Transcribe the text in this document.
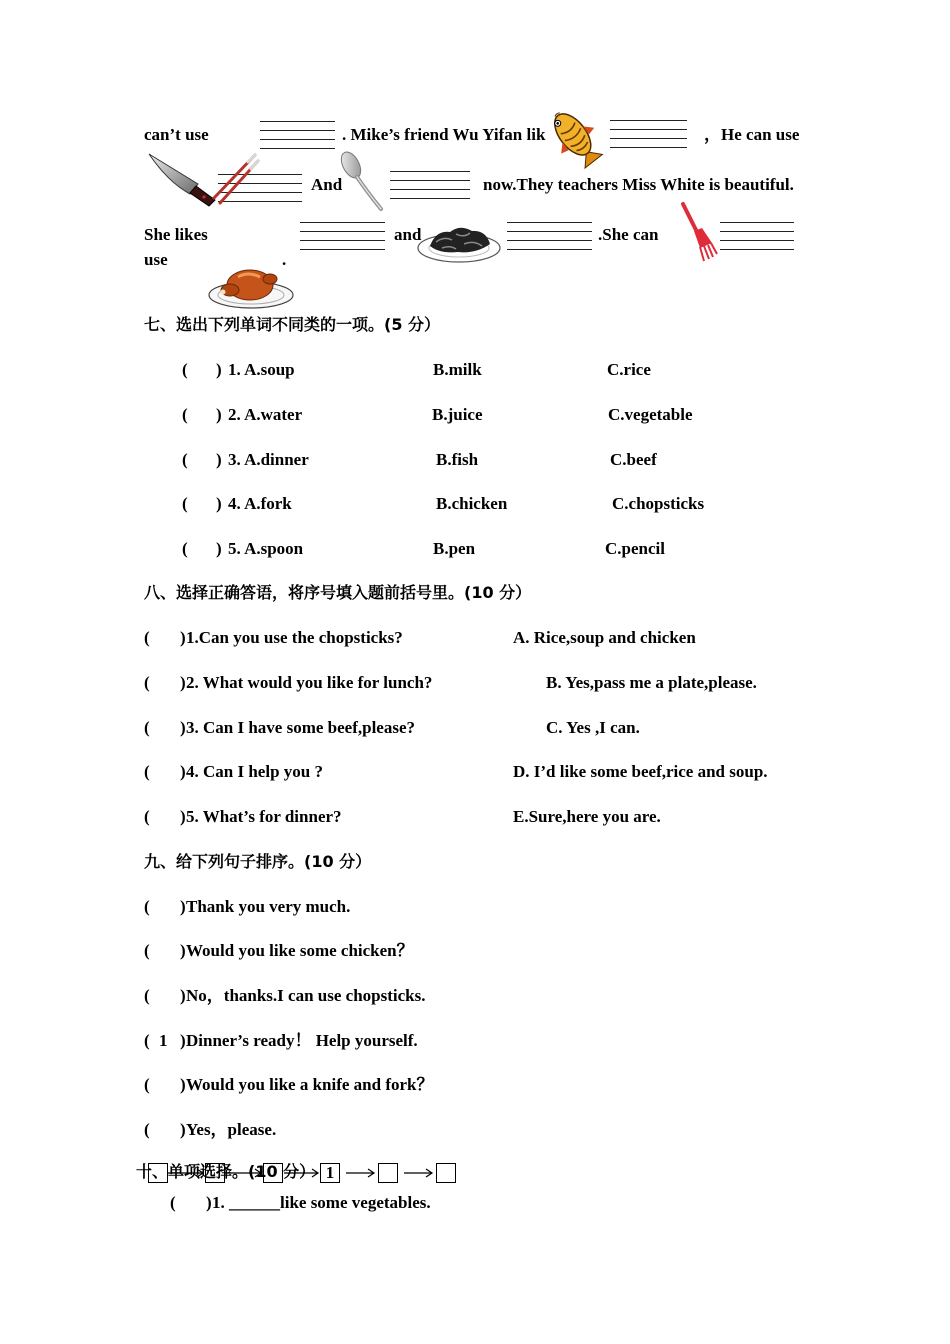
can’t use	. Mike’s friend Wu Yifan lik	，He can use
And	now.They teachers Miss White is beautiful.
She likes	and	.She can
use	.
七、选出下列单词不同类的一项。(5 分）
( ) 1. A.soup	B.milk	C.rice
( ) 2. A.water	B.juice	C.vegetable
( ) 3. A.dinner	B.fish	C.beef
( ) 4. A.fork	B.chicken	C.chopsticks
( ) 5. A.spoon	B.pen	C.pencil
八、选择正确答语，将序号填入题前括号里。(10 分）
( ) 1.Can you use the chopsticks?	A. Rice,soup and chicken
( ) 2. What would you like for lunch?	B. Yes,pass me a plate,please.
( ) 3. Can I have some beef,please?	C. Yes ,I can.
( ) 4. Can I help you ?	D. I’d like some beef,rice and soup.
( ) 5. What’s for dinner?	E.Sure,here you are.
九、给下列句子排序。(10 分）
( ) Thank you very much.
( ) Would you like some chicken？
( ) No，thanks.I can use chopsticks.
( 1 ) Dinner’s ready！ Help yourself.
( ) Would you like a knife and fork？
( ) Yes，please.
十、单项选择。(10 分） 1
( ) 1. ______like some vegetables.
